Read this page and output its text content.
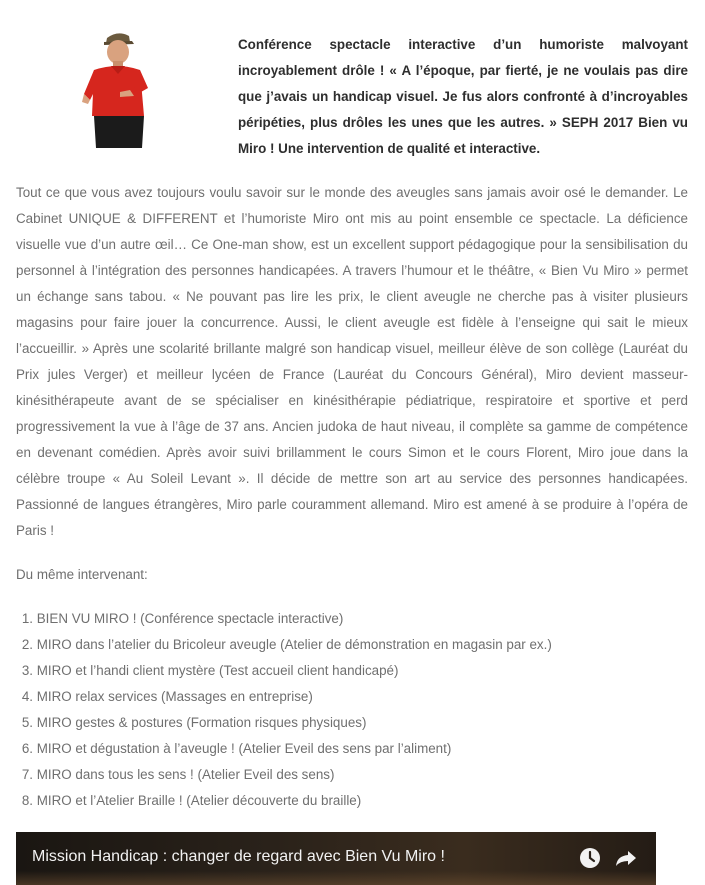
Conférence spectacle interactive d’un humoriste malvoyant incroyablement drôle ! « A l’époque, par fierté, je ne voulais pas dire que j’avais un handicap visuel. Je fus alors confronté à d’incroyables péripéties, plus drôles les unes que les autres. » SEPH 2017 Bien vu Miro ! Une intervention de qualité et interactive.

Tout ce que vous avez toujours voulu savoir sur le monde des aveugles sans jamais avoir osé le demander. Le Cabinet UNIQUE & DIFFERENT et l’humoriste Miro ont mis au point ensemble ce spectacle. La déficience visuelle vue d’un autre œil… Ce One-man show, est un excellent support pédagogique pour la sensibilisation du personnel à l’intégration des personnes handicapées. A travers l’humour et le théâtre, « Bien Vu Miro » permet un échange sans tabou. « Ne pouvant pas lire les prix, le client aveugle ne cherche pas à visiter plusieurs magasins pour faire jouer la concurrence. Aussi, le client aveugle est fidèle à l’enseigne qui sait le mieux l’accueillir. » Après une scolarité brillante malgré son handicap visuel, meilleur élève de son collège (Lauréat du Prix jules Verger) et meilleur lycéen de France (Lauréat du Concours Général), Miro devient masseur-kinésithérapeute avant de se spécialiser en kinésithérapie pédiatrique, respiratoire et sportive et perd progressivement la vue à l’âge de 37 ans. Ancien judoka de haut niveau, il complète sa gamme de compétence en devenant comédien. Après avoir suivi brillamment le cours Simon et le cours Florent, Miro joue dans la célèbre troupe « Au Soleil Levant ». Il décide de mettre son art au service des personnes handicapées. Passionné de langues étrangères, Miro parle couramment allemand. Miro est amené à se produire à l’opéra de Paris !

Du même intervenant:

1. BIEN VU MIRO ! (Conférence spectacle interactive)
2. MIRO dans l’atelier du Bricoleur aveugle (Atelier de démonstration en magasin par ex.)
3. MIRO et l’handi client mystère (Test accueil client handicapé)
4. MIRO relax services (Massages en entreprise)
5. MIRO gestes & postures (Formation risques physiques)
6. MIRO et dégustation à l’aveugle ! (Atelier Eveil des sens par l’aliment)
7. MIRO dans tous les sens ! (Atelier Eveil des sens)
8. MIRO et l’Atelier Braille ! (Atelier découverte du braille)
Mission Handicap : changer de regard avec Bien Vu Miro !
